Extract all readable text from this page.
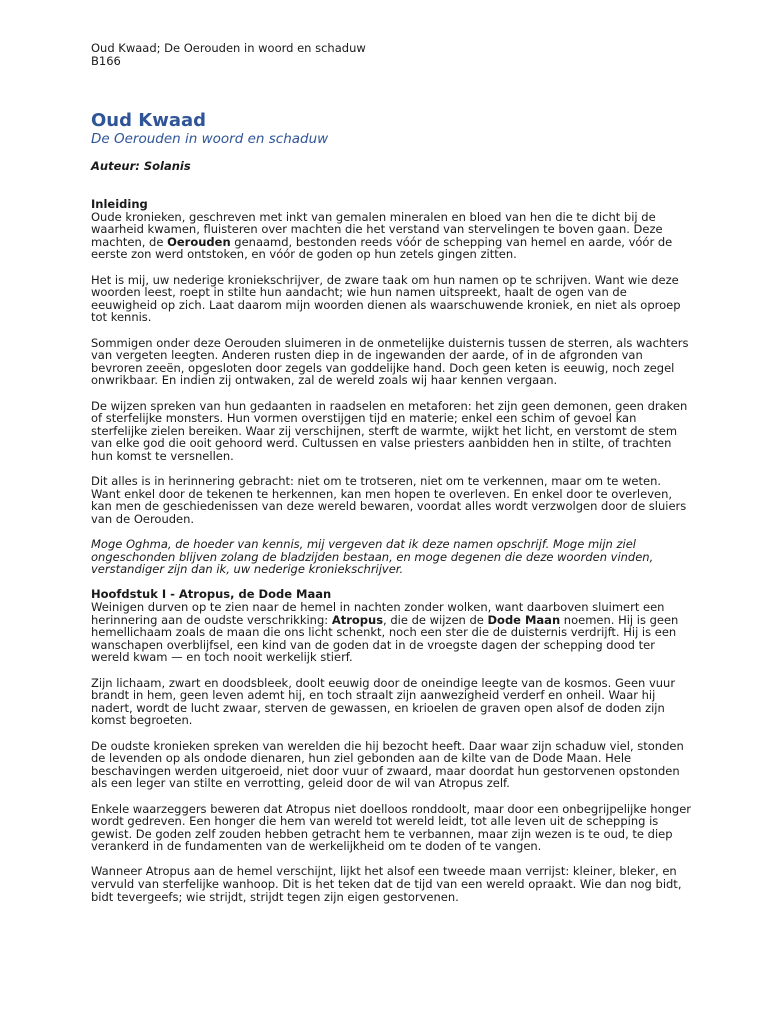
Oud Kwaad; De Oerouden in woord en schaduw

B166

Oud Kwaad

De Oerouden in woord en schaduw

Auteur: Solanis

Inleiding

Oude kronieken, geschreven met inkt van gemalen mineralen en bloed van hen die te dicht bij de waarheid kwamen, fluisteren over machten die het verstand van stervelingen te boven gaan. Deze machten, de Oerouden genaamd, bestonden reeds vóór de schepping van hemel en aarde, vóór de eerste zon werd ontstoken, en vóór de goden op hun zetels gingen zitten.

Het is mij, uw nederige kroniekschrijver, de zware taak om hun namen op te schrijven. Want wie deze woorden leest, roept in stilte hun aandacht; wie hun namen uitspreekt, haalt de ogen van de eeuwigheid op zich. Laat daarom mijn woorden dienen als waarschuwende kroniek, en niet als oproep tot kennis.

Sommigen onder deze Oerouden sluimeren in de onmetelijke duisternis tussen de sterren, als wachters van vergeten leegten. Anderen rusten diep in de ingewanden der aarde, of in de afgronden van bevroren zeeën, opgesloten door zegels van goddelijke hand. Doch geen keten is eeuwig, noch zegel onwrikbaar. En indien zij ontwaken, zal de wereld zoals wij haar kennen vergaan.

De wijzen spreken van hun gedaanten in raadselen en metaforen: het zijn geen demonen, geen draken of sterfelijke monsters. Hun vormen overstijgen tijd en materie; enkel een schim of gevoel kan sterfelijke zielen bereiken. Waar zij verschijnen, sterft de warmte, wijkt het licht, en verstomt de stem van elke god die ooit gehoord werd. Cultussen en valse priesters aanbidden hen in stilte, of trachten hun komst te versnellen.

Dit alles is in herinnering gebracht: niet om te trotseren, niet om te verkennen, maar om te weten. Want enkel door de tekenen te herkennen, kan men hopen te overleven. En enkel door te overleven, kan men de geschiedenissen van deze wereld bewaren, voordat alles wordt verzwolgen door de sluiers van de Oerouden.

Moge Oghma, de hoeder van kennis, mij vergeven dat ik deze namen opschrijf. Moge mijn ziel ongeschonden blijven zolang de bladzijden bestaan, en moge degenen die deze woorden vinden, verstandiger zijn dan ik, uw nederige kroniekschrijver.

Hoofdstuk I - Atropus, de Dode Maan

Weinigen durven op te zien naar de hemel in nachten zonder wolken, want daarboven sluimert een herinnering aan de oudste verschrikking: Atropus, die de wijzen de Dode Maan noemen. Hij is geen hemellichaam zoals de maan die ons licht schenkt, noch een ster die de duisternis verdrijft. Hij is een wanschapen overblijfsel, een kind van de goden dat in de vroegste dagen der schepping dood ter wereld kwam — en toch nooit werkelijk stierf.

Zijn lichaam, zwart en doodsbleek, doolt eeuwig door de oneindige leegte van de kosmos. Geen vuur brandt in hem, geen leven ademt hij, en toch straalt zijn aanwezigheid verderf en onheil. Waar hij nadert, wordt de lucht zwaar, sterven de gewassen, en krioelen de graven open alsof de doden zijn komst begroeten.

De oudste kronieken spreken van werelden die hij bezocht heeft. Daar waar zijn schaduw viel, stonden de levenden op als ondode dienaren, hun ziel gebonden aan de kilte van de Dode Maan. Hele beschavingen werden uitgeroeid, niet door vuur of zwaard, maar doordat hun gestorvenen opstonden als een leger van stilte en verrotting, geleid door de wil van Atropus zelf.

Enkele waarzeggers beweren dat Atropus niet doelloos ronddoolt, maar door een onbegrijpelijke honger wordt gedreven. Een honger die hem van wereld tot wereld leidt, tot alle leven uit de schepping is gewist. De goden zelf zouden hebben getracht hem te verbannen, maar zijn wezen is te oud, te diep verankerd in de fundamenten van de werkelijkheid om te doden of te vangen.

Wanneer Atropus aan de hemel verschijnt, lijkt het alsof een tweede maan verrijst: kleiner, bleker, en vervuld van sterfelijke wanhoop. Dit is het teken dat de tijd van een wereld opraakt. Wie dan nog bidt, bidt tevergeefs; wie strijdt, strijdt tegen zijn eigen gestorvenen.
